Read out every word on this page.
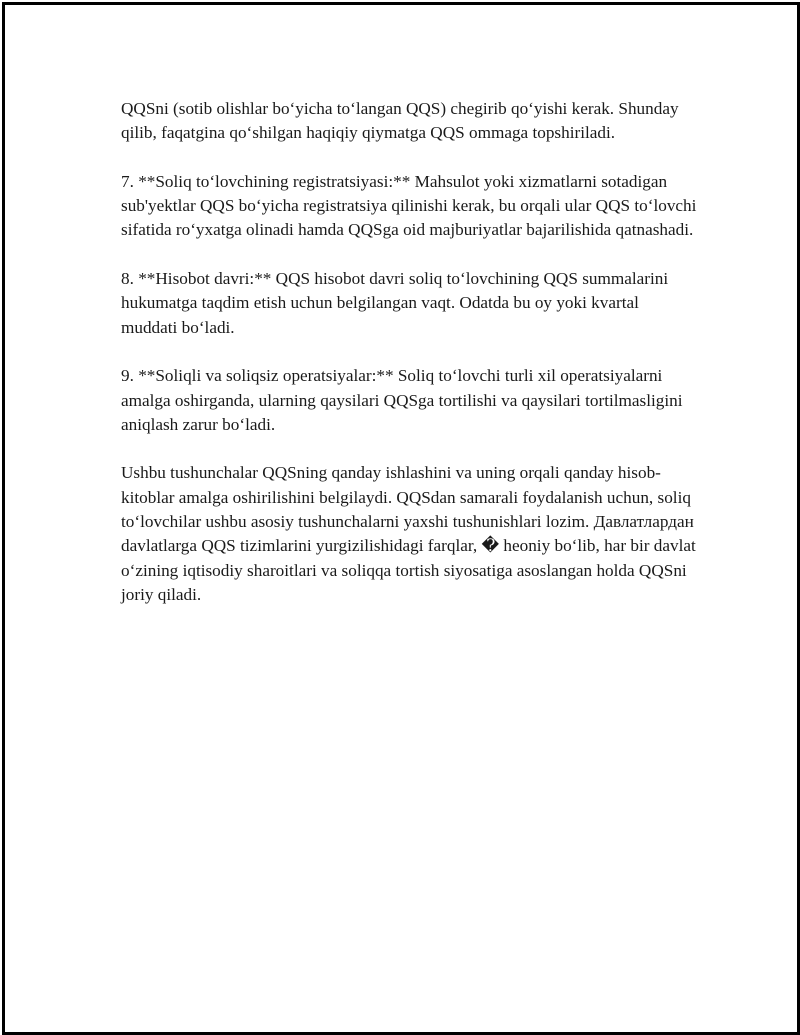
QQSni (sotib olishlar bo‘yicha to‘langan QQS) chegirib qo‘yishi kerak. Shunday qilib, faqatgina qo‘shilgan haqiqiy qiymatga QQS ommaga topshiriladi.

7. **Soliq to‘lovchining registratsiyasi:** Mahsulot yoki xizmatlarni sotadigan sub'yektlar QQS bo‘yicha registratsiya qilinishi kerak, bu orqali ular QQS to‘lovchi sifatida ro‘yxatga olinadi hamda QQSga oid majburiyatlar bajarilishida qatnashadi.

8. **Hisobot davri:** QQS hisobot davri soliq to‘lovchining QQS summalarini hukumatga taqdim etish uchun belgilangan vaqt. Odatda bu oy yoki kvartal muddati bo‘ladi.

9. **Soliqli va soliqsiz operatsiyalar:** Soliq to‘lovchi turli xil operatsiyalarni amalga oshirganda, ularning qaysilari QQSga tortilishi va qaysilari tortilmasligini aniqlash zarur bo‘ladi.

Ushbu tushunchalar QQSning qanday ishlashini va uning orqali qanday hisob-kitoblar amalga oshirilishini belgilaydi. QQSdan samarali foydalanish uchun, soliq to‘lovchilar ushbu asosiy tushunchalarni yaxshi tushunishlari lozim. Давлатлардан davlatlarga QQS tizimlarini yurgizilishidagi farqlar, � heoniy bo‘lib, har bir davlat o‘zining iqtisodiy sharoitlari va soliqqa tortish siyosatiga asoslangan holda QQSni joriy qiladi.
